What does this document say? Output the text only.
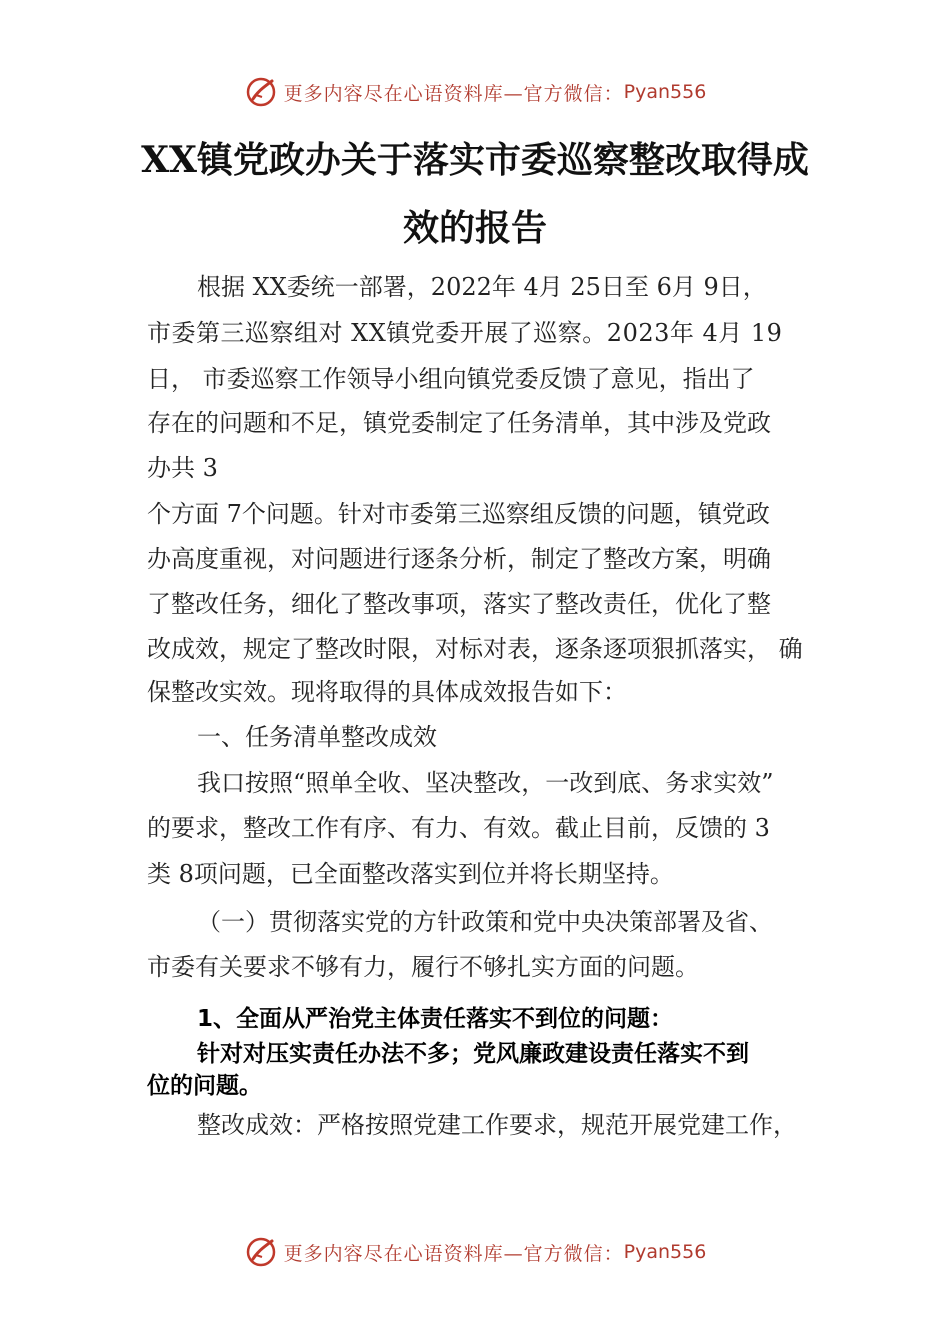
更多内容尽在心语资料库—官方微信： Pyan556
XX镇党政办关于落实市委巡察整改取得成
效的报告
根据 XX委统一部署，2022年 4月 25日至 6月 9日，
市委第三巡察组对 XX镇党委开展了巡察。2023年 4月 19
日， 市委巡察工作领导小组向镇党委反馈了意见，指出了
存在的问题和不足，镇党委制定了任务清单，其中涉及党政
办共 3
个方面 7个问题。针对市委第三巡察组反馈的问题，镇党政
办高度重视，对问题进行逐条分析，制定了整改方案，明确
了整改任务，细化了整改事项，落实了整改责任，优化了整
改成效，规定了整改时限，对标对表，逐条逐项狠抓落实， 确
保整改实效。现将取得的具体成效报告如下：
一、任务清单整改成效
我口按照“照单全收、坚决整改，一改到底、务求实效”
的要求，整改工作有序、有力、有效。截止目前，反馈的 3
类 8项问题，已全面整改落实到位并将长期坚持。
（一）贯彻落实党的方针政策和党中央决策部署及省、
市委有关要求不够有力，履行不够扎实方面的问题。
1、全面从严治党主体责任落实不到位的问题：
针对对压实责任办法不多；党风廉政建设责任落实不到
位的问题。
整改成效：严格按照党建工作要求，规范开展党建工作，
更多内容尽在心语资料库—官方微信： Pyan556
